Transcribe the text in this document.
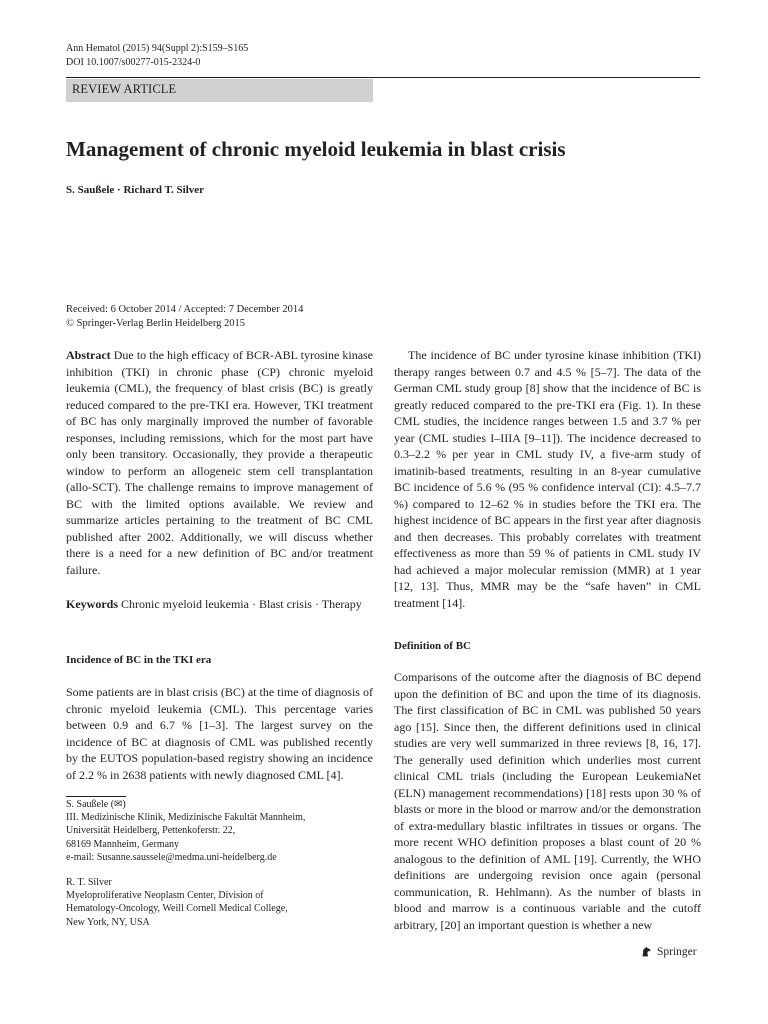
Ann Hematol (2015) 94(Suppl 2):S159–S165
DOI 10.1007/s00277-015-2324-0
REVIEW ARTICLE
Management of chronic myeloid leukemia in blast crisis
S. Saußele · Richard T. Silver
Received: 6 October 2014 / Accepted: 7 December 2014
© Springer-Verlag Berlin Heidelberg 2015

Abstract Due to the high efficacy of BCR-ABL tyrosine kinase inhibition (TKI) in chronic phase (CP) chronic myeloid leukemia (CML), the frequency of blast crisis (BC) is greatly reduced compared to the pre-TKI era. However, TKI treatment of BC has only marginally improved the number of favorable responses, including remissions, which for the most part have only been transitory. Occasionally, they provide a therapeutic window to perform an allogeneic stem cell transplantation (allo-SCT). The challenge remains to improve management of BC with the limited options available. We review and summarize articles pertaining to the treatment of BC CML published after 2002. Additionally, we will discuss whether there is a need for a new definition of BC and/or treatment failure.

Keywords Chronic myeloid leukemia · Blast crisis · Therapy
Incidence of BC in the TKI era

Some patients are in blast crisis (BC) at the time of diagnosis of chronic myeloid leukemia (CML). This percentage varies between 0.9 and 6.7 % [1–3]. The largest survey on the incidence of BC at diagnosis of CML was published recently by the EUTOS population-based registry showing an incidence of 2.2 % in 2638 patients with newly diagnosed CML [4].

S. Saußele (✉)
III. Medizinische Klinik, Medizinische Fakultät Mannheim,
Universität Heidelberg, Pettenkoferstr. 22,
68169 Mannheim, Germany
e-mail: Susanne.saussele@medma.uni-heidelberg.de
R. T. Silver
Myeloproliferative Neoplasm Center, Division of
Hematology-Oncology, Weill Cornell Medical College,
New York, NY, USA

The incidence of BC under tyrosine kinase inhibition (TKI) therapy ranges between 0.7 and 4.5 % [5–7]. The data of the German CML study group [8] show that the incidence of BC is greatly reduced compared to the pre-TKI era (Fig. 1). In these CML studies, the incidence ranges between 1.5 and 3.7 % per year (CML studies I–IIIA [9–11]). The incidence decreased to 0.3–2.2 % per year in CML study IV, a five-arm study of imatinib-based treatments, resulting in an 8-year cumulative BC incidence of 5.6 % (95 % confidence interval (CI): 4.5–7.7 %) compared to 12–62 % in studies before the TKI era. The highest incidence of BC appears in the first year after diagnosis and then decreases. This probably correlates with treatment effectiveness as more than 59 % of patients in CML study IV had achieved a major molecular remission (MMR) at 1 year [12, 13]. Thus, MMR may be the “safe haven” in CML treatment [14].

Definition of BC

Comparisons of the outcome after the diagnosis of BC depend upon the definition of BC and upon the time of its diagnosis. The first classification of BC in CML was published 50 years ago [15]. Since then, the different definitions used in clinical studies are very well summarized in three reviews [8, 16, 17]. The generally used definition which underlies most current clinical CML trials (including the European LeukemiaNet (ELN) management recommendations) [18] rests upon 30 % of blasts or more in the blood or marrow and/or the demonstration of extra-medullary blastic infiltrates in tissues or organs. The more recent WHO definition proposes a blast count of 20 % analogous to the definition of AML [19]. Currently, the WHO definitions are undergoing revision once again (personal communication, R. Hehlmann). As the number of blasts in blood and marrow is a continuous variable and the cutoff arbitrary, [20] an important question is whether a new

Springer
